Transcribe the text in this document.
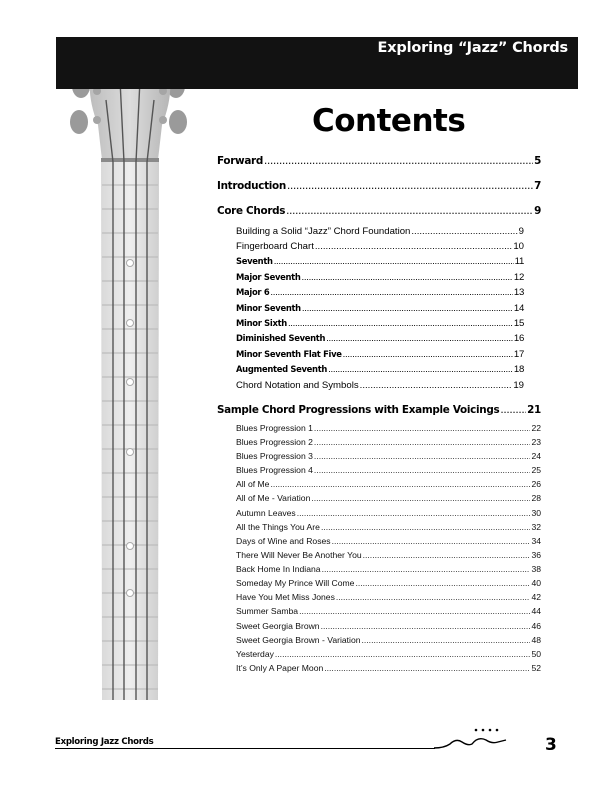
Exploring “Jazz” Chords
Contents
Forward .....	5
Introduction .....	7
Core Chords .....	9
Building a Solid “Jazz” Chord Foundation .....	9
Fingerboard Chart .....	10
Seventh .....	11
Major Seventh .....	12
Major 6 .....	13
Minor Seventh .....	14
Minor Sixth .....	15
Diminished Seventh .....	16
Minor Seventh Flat Five .....	17
Augmented Seventh .....	18
Chord Notation and Symbols .....	19
Sample Chord Progressions with Example Voicings .....	21
Blues Progression 1 .....	22
Blues Progression 2 .....	23
Blues Progression 3 .....	24
Blues Progression 4 .....	25
All of Me .....	26
All of Me - Variation .....	28
Autumn Leaves .....	30
All the Things You Are .....	32
Days of Wine and Roses .....	34
There Will Never Be Another You .....	36
Back Home In Indiana .....	38
Someday My Prince Will Come .....	40
Have You Met Miss Jones .....	42
Summer Samba .....	44
Sweet Georgia Brown .....	46
Sweet Georgia Brown - Variation .....	48
Yesterday .....	50
It’s Only A Paper Moon .....	52
Exploring Jazz Chords	3
